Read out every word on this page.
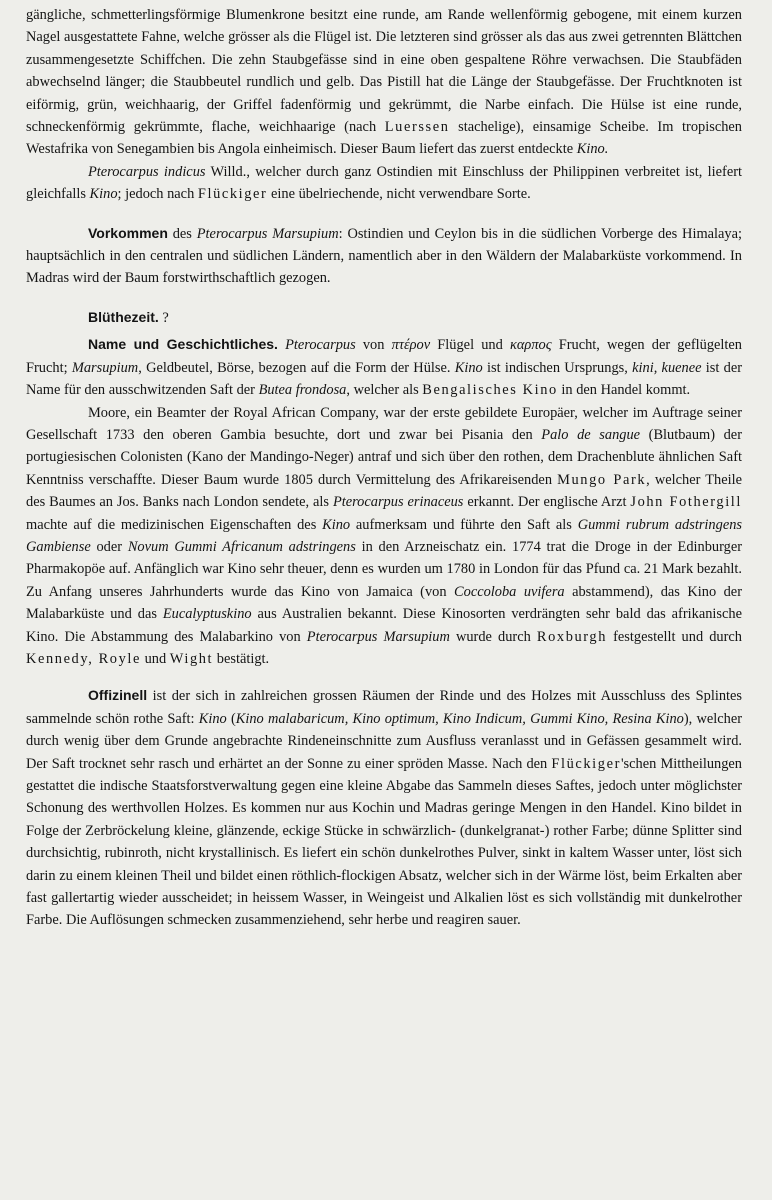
gängliche, schmetterlingsförmige Blumenkrone besitzt eine runde, am Rande wellenförmig gebogene, mit einem kurzen Nagel ausgestattete Fahne, welche grösser als die Flügel ist. Die letzteren sind grösser als das aus zwei getrennten Blättchen zusammengesetzte Schiffchen. Die zehn Staubgefässe sind in eine oben gespaltene Röhre verwachsen. Die Staubfäden abwechselnd länger; die Staubbeutel rundlich und gelb. Das Pistill hat die Länge der Staubgefässe. Der Fruchtknoten ist eiförmig, grün, weichhaarig, der Griffel fadenförmig und gekrümmt, die Narbe einfach. Die Hülse ist eine runde, schneckenförmig gekrümmte, flache, weichhaarige (nach Luerssen stachelige), einsamige Scheibe. Im tropischen Westafrika von Senegambien bis Angola einheimisch. Dieser Baum liefert das zuerst entdeckte Kino.

Pterocarpus indicus Willd., welcher durch ganz Ostindien mit Einschluss der Philippinen verbreitet ist, liefert gleichfalls Kino; jedoch nach Flückiger eine übelriechende, nicht verwendbare Sorte.

Vorkommen des Pterocarpus Marsupium: Ostindien und Ceylon bis in die südlichen Vorberge des Himalaya; hauptsächlich in den centralen und südlichen Ländern, namentlich aber in den Wäldern der Malabarküste vorkommend. In Madras wird der Baum forstwirthschaftlich gezogen.

Blüthezeit. ?

Name und Geschichtliches. Pterocarpus von πτέρον Flügel und καρπος Frucht, wegen der geflügelten Frucht; Marsupium, Geldbeutel, Börse, bezogen auf die Form der Hülse. Kino ist indischen Ursprungs, kini, kuenee ist der Name für den ausschwitzenden Saft der Butea frondosa, welcher als Bengalisches Kino in den Handel kommt.

Moore, ein Beamter der Royal African Company, war der erste gebildete Europäer, welcher im Auftrage seiner Gesellschaft 1733 den oberen Gambia besuchte, dort und zwar bei Pisania den Palo de sangue (Blutbaum) der portugiesischen Colonisten (Kano der Mandingo-Neger) antraf und sich über den rothen, dem Drachenblute ähnlichen Saft Kenntniss verschaffte. Dieser Baum wurde 1805 durch Vermittelung des Afrikareisenden Mungo Park, welcher Theile des Baumes an Jos. Banks nach London sendete, als Pterocarpus erinaceus erkannt. Der englische Arzt John Fothergill machte auf die medizinischen Eigenschaften des Kino aufmerksam und führte den Saft als Gummi rubrum adstringens Gambiense oder Novum Gummi Africanum adstringens in den Arzneischatz ein. 1774 trat die Droge in der Edinburger Pharmakopöe auf. Anfänglich war Kino sehr theuer, denn es wurden um 1780 in London für das Pfund ca. 21 Mark bezahlt. Zu Anfang unseres Jahrhunderts wurde das Kino von Jamaica (von Coccoloba uvifera abstammend), das Kino der Malabarküste und das Eucalyptuskino aus Australien bekannt. Diese Kinosorten verdrängten sehr bald das afrikanische Kino. Die Abstammung des Malabarkino von Pterocarpus Marsupium wurde durch Roxburgh festgestellt und durch Kennedy, Royle und Wight bestätigt.

Offizinell ist der sich in zahlreichen grossen Räumen der Rinde und des Holzes mit Ausschluss des Splintes sammelnde schön rothe Saft: Kino (Kino malabaricum, Kino optimum, Kino Indicum, Gummi Kino, Resina Kino), welcher durch wenig über dem Grunde angebrachte Rindeneinschnitte zum Ausfluss veranlasst und in Gefässen gesammelt wird. Der Saft trocknet sehr rasch und erhärtet an der Sonne zu einer spröden Masse. Nach den Flückiger'schen Mittheilungen gestattet die indische Staatsforstverwaltung gegen eine kleine Abgabe das Sammeln dieses Saftes, jedoch unter möglichster Schonung des werthvollen Holzes. Es kommen nur aus Kochin und Madras geringe Mengen in den Handel. Kino bildet in Folge der Zerbröckelung kleine, glänzende, eckige Stücke in schwärzlich- (dunkelgranat-) rother Farbe; dünne Splitter sind durchsichtig, rubinroth, nicht krystallinisch. Es liefert ein schön dunkelrothes Pulver, sinkt in kaltem Wasser unter, löst sich darin zu einem kleinen Theil und bildet einen röthlich-flockigen Absatz, welcher sich in der Wärme löst, beim Erkalten aber fast gallertartig wieder ausscheidet; in heissem Wasser, in Weingeist und Alkalien löst es sich vollständig mit dunkelrother Farbe. Die Auflösungen schmecken zusammenziehend, sehr herbe und reagiren sauer.
